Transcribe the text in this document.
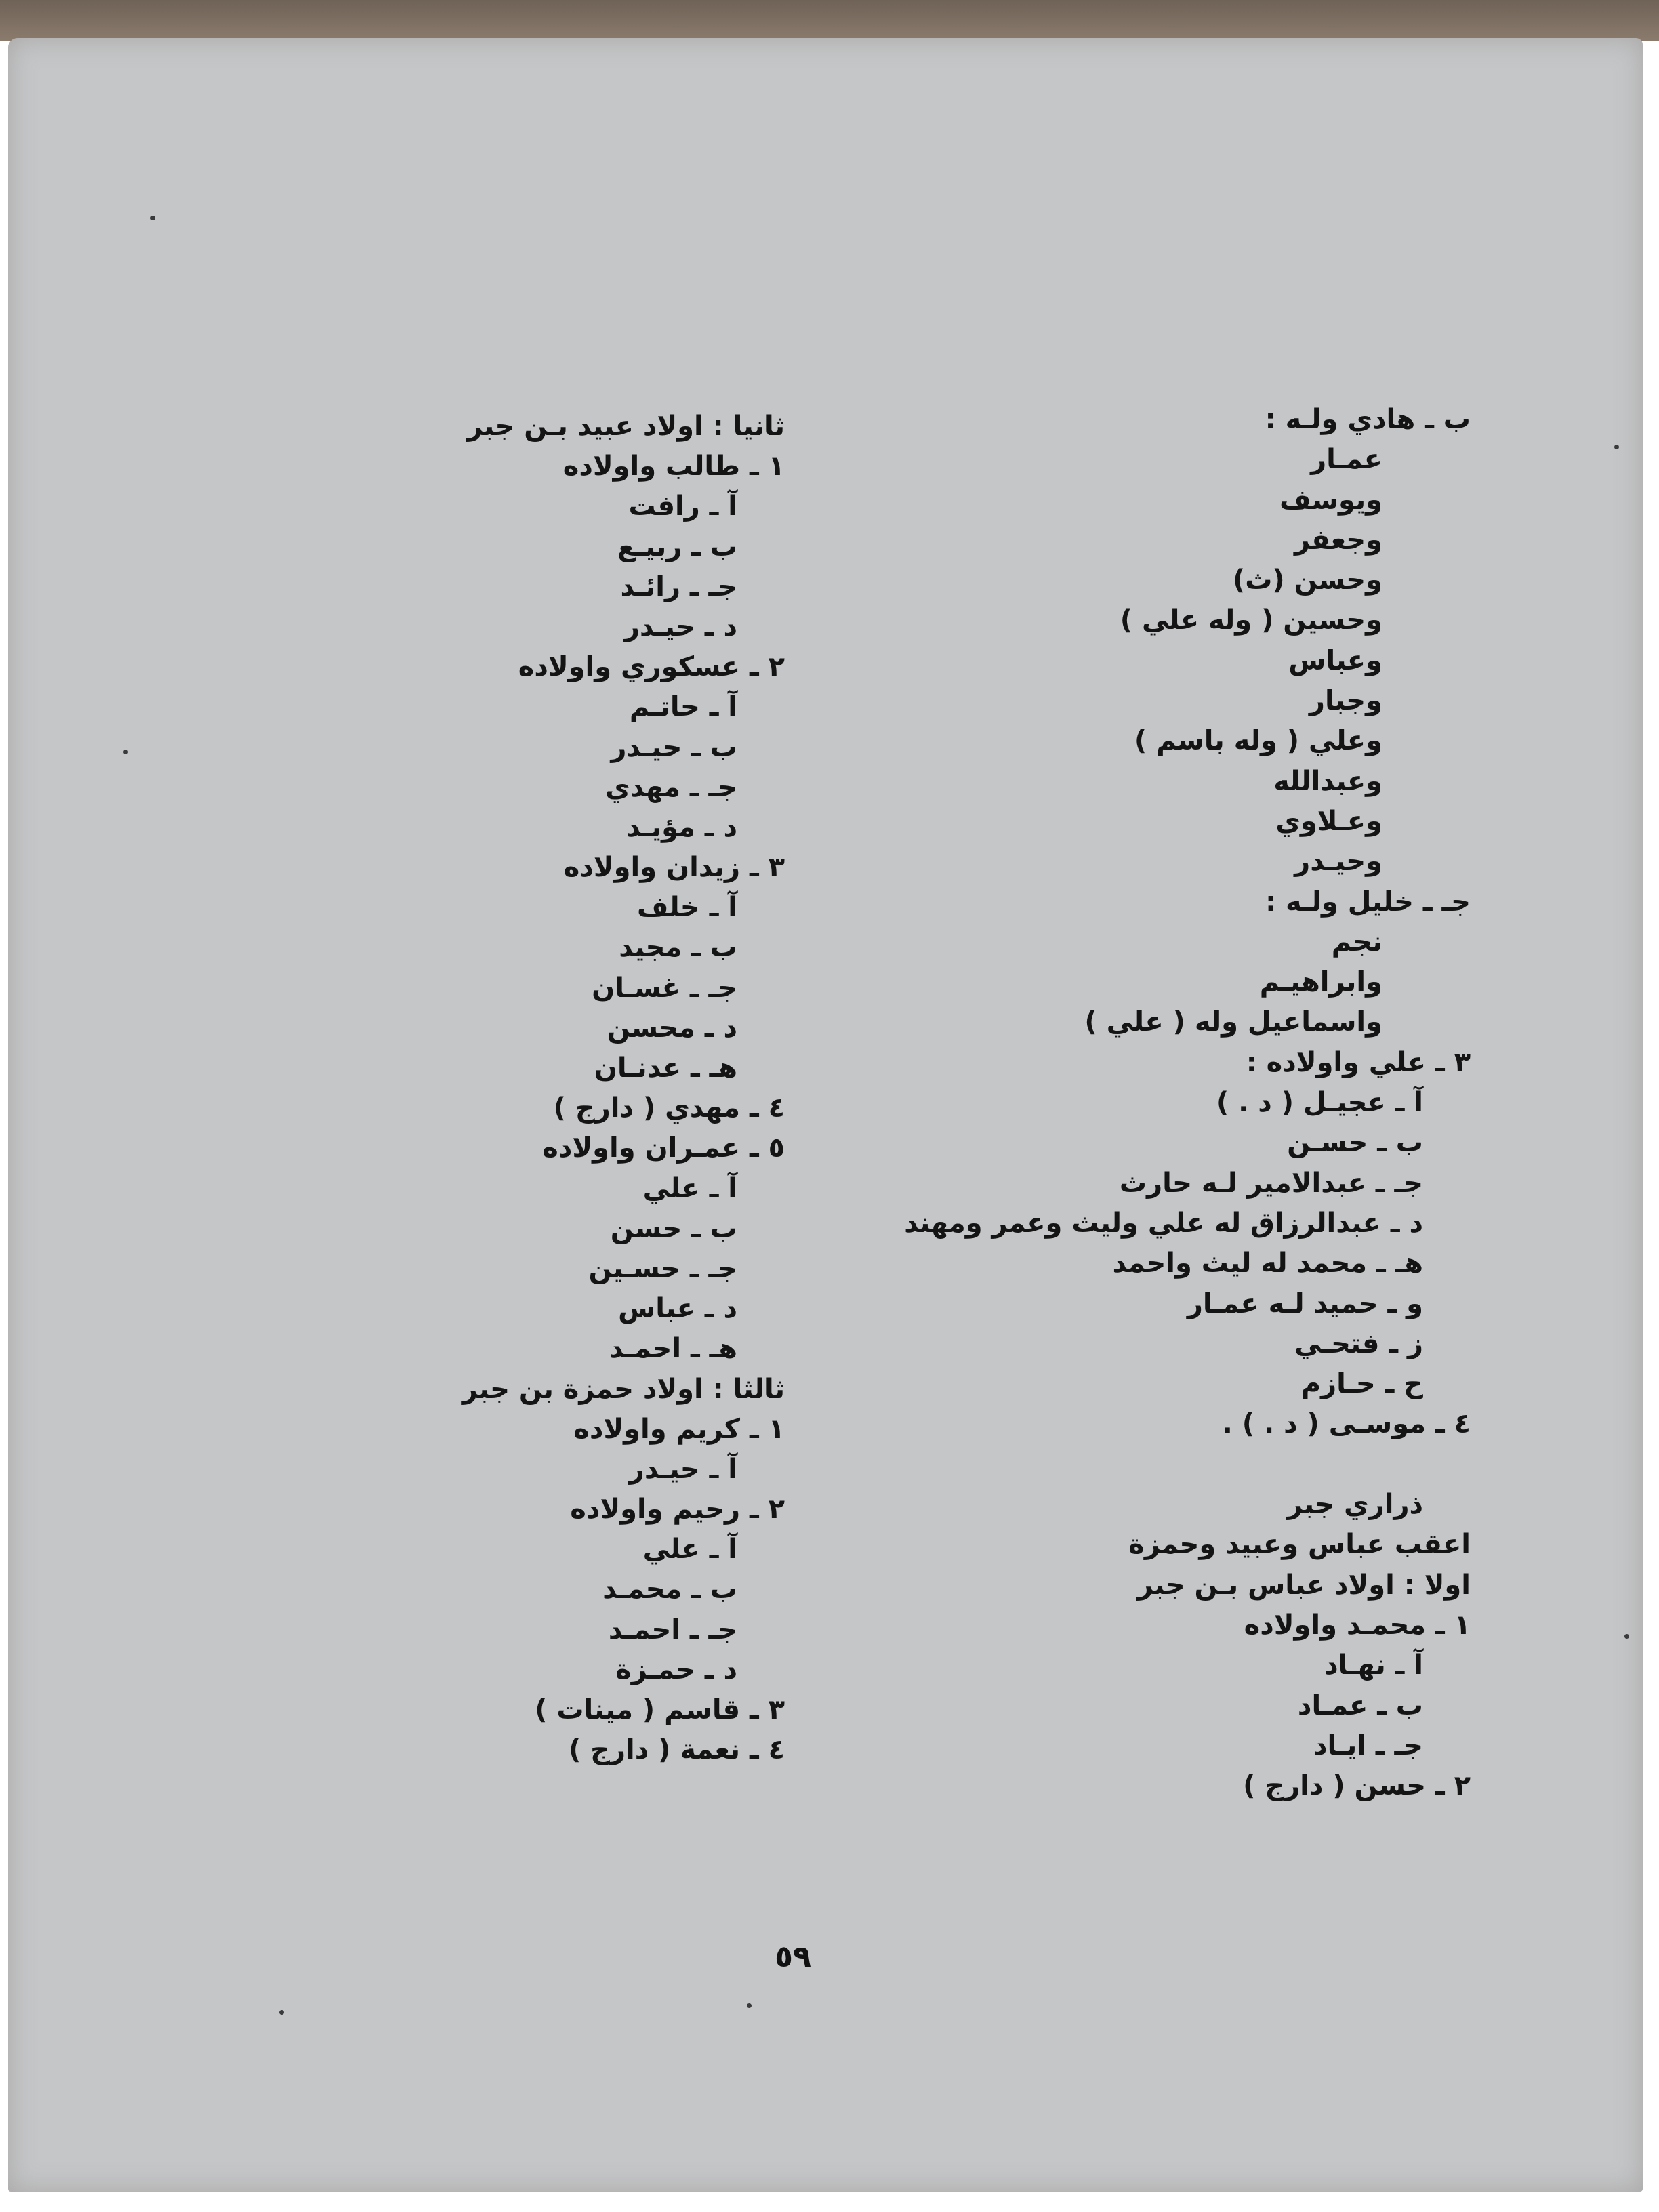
ب ـ هادي ولـه :
عمـار
ويوسف
وجعفر
وحسن (ث)
وحسين ( وله علي )
وعباس
وجبار
وعلي ( وله باسم )
وعبدالله
وعـلاوي
وحيـدر
جـ ـ خليل ولـه :
نجم
وابراهيـم
واسماعيل وله ( علي )
٣ ـ علي واولاده :
آ ـ عجيـل ( د . )
ب ـ حسـن
جـ ـ عبدالامير لـه حارث
د ـ عبدالرزاق له علي وليث وعمر ومهند
هـ ـ محمد له ليث واحمد
و ـ حميد لـه عمـار
ز ـ فتحـي
ح ـ حـازم
٤ ـ موسـى ( د . ) .
ذراري جبر
اعقب عباس وعبيد وحمزة
اولا : اولاد عباس بـن جبر
١ ـ محمـد واولاده
آ ـ نهـاد
ب ـ عمـاد
جـ ـ ايـاد
٢ ـ حسن ( دارج )
ثانيا : اولاد عبيد بـن جبر
١ ـ طالب واولاده
آ ـ رافت
ب ـ ربيـع
جـ ـ رائـد
د ـ حيـدر
٢ ـ عسكوري واولاده
آ ـ حاتـم
ب ـ حيـدر
جـ ـ مهدي
د ـ مؤيـد
٣ ـ زيدان واولاده
آ ـ خلف
ب ـ مجيد
جـ ـ غسـان
د ـ محسن
هـ ـ عدنـان
٤ ـ مهدي ( دارج )
٥ ـ عمـران واولاده
آ ـ علي
ب ـ حسن
جـ ـ حسـين
د ـ عباس
هـ ـ احمـد
ثالثا : اولاد حمزة بن جبر
١ ـ كريم واولاده
آ ـ حيـدر
٢ ـ رحيم واولاده
آ ـ علي
ب ـ محمـد
جـ ـ احمـد
د ـ حمـزة
٣ ـ قاسم ( مينات )
٤ ـ نعمة ( دارج )
٥٩
